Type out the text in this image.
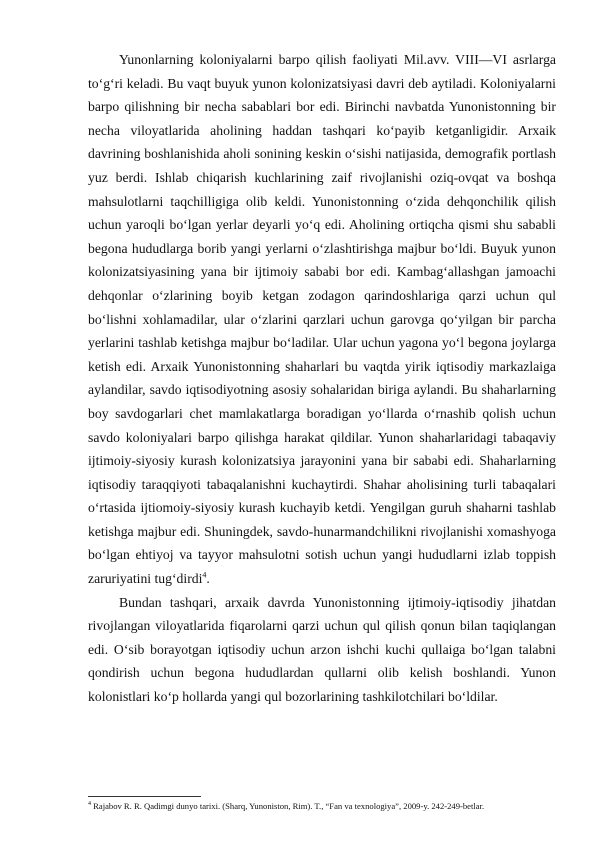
Yunonlarning koloniyalarni barpo qilish faoliyati Mil.avv. VIII—VI asrlarga to‘g‘ri keladi. Bu vaqt buyuk yunon kolonizatsiyasi davri deb aytiladi. Koloniyalarni barpo qilishning bir necha sabablari bor edi. Birinchi navbatda Yunonistonning bir necha viloyatlarida aholining haddan tashqari ko‘payib ketganligidir. Arxaik davrining boshlanishida aholi sonining keskin o‘sishi natijasida, demografik portlash yuz berdi. Ishlab chiqarish kuchlarining zaif rivojlanishi oziq-ovqat va boshqa mahsulotlarni taqchilligiga olib keldi. Yunonistonning o‘zida dehqonchilik qilish uchun yaroqli bo‘lgan yerlar deyarli yo‘q edi. Aholining ortiqcha qismi shu sababli begona hududlarga borib yangi yerlarni o‘zlashtirishga majbur bo‘ldi. Buyuk yunon kolonizatsiyasining yana bir ijtimoiy sababi bor edi. Kambag‘allashgan jamoachi dehqonlar o‘zlarining boyib ketgan zodagon qarindoshlariga qarzi uchun qul bo‘lishni xohlamadilar, ular o‘zlarini qarzlari uchun garovga qo‘yilgan bir parcha yerlarini tashlab ketishga majbur bo‘ladilar. Ular uchun yagona yo‘l begona joylarga ketish edi. Arxaik Yunonistonning shaharlari bu vaqtda yirik iqtisodiy markazlaiga aylandilar, savdo iqtisodiyotning asosiy sohalaridan biriga aylandi. Bu shaharlarning boy savdogarlari chet mamlakatlarga boradigan yo‘llarda o‘rnashib qolish uchun savdo koloniyalari barpo qilishga harakat qildilar. Yunon shaharlaridagi tabaqaviy ijtimoiy-siyosiy kurash kolonizatsiya jarayonini yana bir sababi edi. Shaharlarning iqtisodiy taraqqiyoti tabaqalanishni kuchaytirdi. Shahar aholisining turli tabaqalari o‘rtasida ijtiomoiy-siyosiy kurash kuchayib ketdi. Yengilgan guruh shaharni tashlab ketishga majbur edi. Shuningdek, savdo-hunarmandchilikni rivojlanishi xomashyoga bo‘lgan ehtiyoj va tayyor mahsulotni sotish uchun yangi hududlarni izlab toppish zaruriyatini tug‘dirdi$^4$.

Bundan tashqari, arxaik davrda Yunonistonning ijtimoiy-iqtisodiy jihatdan rivojlangan viloyatlarida fiqarolarni qarzi uchun qul qilish qonun bilan taqiqlangan edi. O‘sib borayotgan iqtisodiy uchun arzon ishchi kuchi qullaiga bo‘lgan talabni qondirish uchun begona hududlardan qullarni olib kelish boshlandi. Yunon kolonistlari ko‘p hollarda yangi qul bozorlarining tashkilotchilari bo‘ldilar.

$^4$ Rajabov R. R. Qadimgi dunyo tarixi. (Sharq, Yunoniston, Rim). T., “Fan va texnologiya”, 2009-y. 242-249-betlar.
